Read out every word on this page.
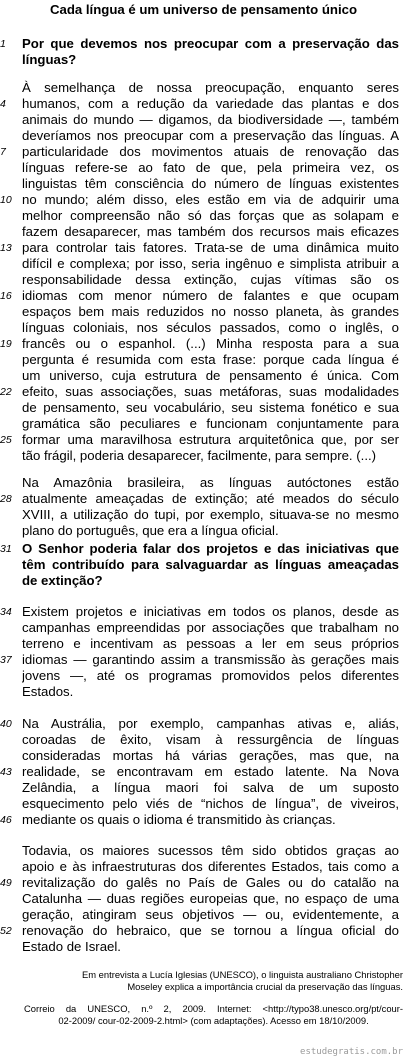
Cada língua é um universo de pensamento único
1
4
7
10
13
16
19
22
25
28
31
34
37
40
43
46
49
52
Por que devemos nos preocupar com a preservação das
línguas?
À semelhança de nossa preocupação, enquanto seres
humanos, com a redução da variedade das plantas e dos
animais do mundo — digamos, da biodiversidade —, também
deveríamos nos preocupar com a preservação das línguas. A
particularidade dos movimentos atuais de renovação das
línguas refere-se ao fato de que, pela primeira vez, os
linguistas têm consciência do número de línguas existentes
no mundo; além disso, eles estão em via de adquirir uma
melhor compreensão não só das forças que as solapam e
fazem desaparecer, mas também dos recursos mais eficazes
para controlar tais fatores. Trata-se de uma dinâmica muito
difícil e complexa; por isso, seria ingênuo e simplista atribuir a
responsabilidade dessa extinção, cujas vítimas são os
idiomas com menor número de falantes e que ocupam
espaços bem mais reduzidos no nosso planeta, às grandes
línguas coloniais, nos séculos passados, como o inglês, o
francês ou o espanhol. (...) Minha resposta para a sua
pergunta é resumida com esta frase: porque cada língua é
um universo, cuja estrutura de pensamento é única. Com
efeito, suas associações, suas metáforas, suas modalidades
de pensamento, seu vocabulário, seu sistema fonético e sua
gramática são peculiares e funcionam conjuntamente para
formar uma maravilhosa estrutura arquitetônica que, por ser
tão frágil, poderia desaparecer, facilmente, para sempre. (...)
Na Amazônia brasileira, as línguas autóctones estão
atualmente ameaçadas de extinção; até meados do século
XVIII, a utilização do tupi, por exemplo, situava-se no mesmo
plano do português, que era a língua oficial.
O Senhor poderia falar dos projetos e das iniciativas que
têm contribuído para salvaguardar as línguas ameaçadas
de extinção?
Existem projetos e iniciativas em todos os planos, desde as
campanhas empreendidas por associações que trabalham no
terreno e incentivam as pessoas a ler em seus próprios
idiomas — garantindo assim a transmissão às gerações mais
jovens —, até os programas promovidos pelos diferentes
Estados.
Na Austrália, por exemplo, campanhas ativas e, aliás,
coroadas de êxito, visam à ressurgência de línguas
consideradas mortas há várias gerações, mas que, na
realidade, se encontravam em estado latente. Na Nova
Zelândia, a língua maori foi salva de um suposto
esquecimento pelo viés de “nichos de língua”, de viveiros,
mediante os quais o idioma é transmitido às crianças.
Todavia, os maiores sucessos têm sido obtidos graças ao
apoio e às infraestruturas dos diferentes Estados, tais como a
revitalização do galês no País de Gales ou do catalão na
Catalunha — duas regiões europeias que, no espaço de uma
geração, atingiram seus objetivos — ou, evidentemente, a
renovação do hebraico, que se tornou a língua oficial do
Estado de Israel.
Em entrevista a Lucía Iglesias (UNESCO), o linguista australiano Christopher
Moseley explica a importância crucial da preservação das línguas.
Correio da UNESCO, n.º 2, 2009. Internet: <http://typo38.unesco.org/pt/cour-
02-2009/ cour-02-2009-2.html> (com adaptações). Acesso em 18/10/2009.
estudegratis.com.br
